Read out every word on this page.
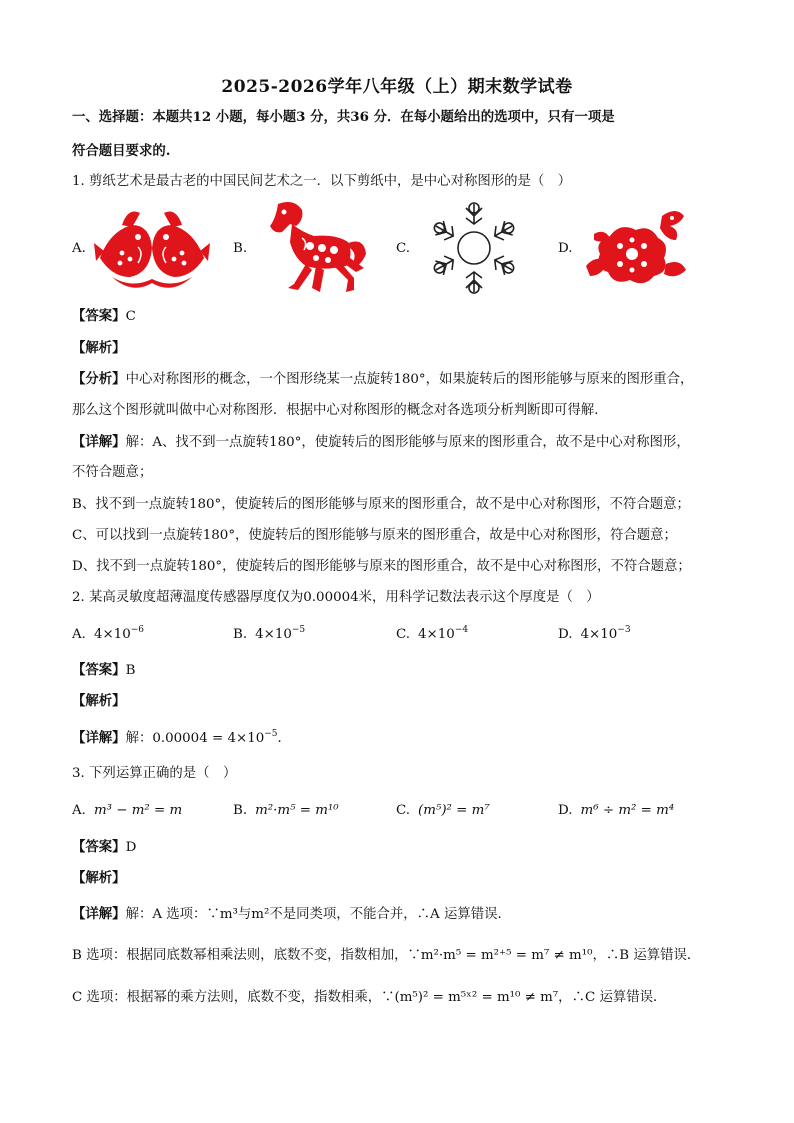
2025-2026学年八年级（上）期末数学试卷
一、选择题：本题共12 小题，每小题3 分，共36 分．在每小题给出的选项中，只有一项是
符合题目要求的.
1. 剪纸艺术是最古老的中国民间艺术之一．以下剪纸中，是中心对称图形的是（　）
A.	B.	C.	D.
【答案】C
【解析】
【分析】中心对称图形的概念，一个图形绕某一点旋转180°，如果旋转后的图形能够与原来的图形重合，
那么这个图形就叫做中心对称图形．根据中心对称图形的概念对各选项分析判断即可得解．
【详解】解：A、找不到一点旋转180°，使旋转后的图形能够与原来的图形重合，故不是中心对称图形，
不符合题意；
B、找不到一点旋转180°，使旋转后的图形能够与原来的图形重合，故不是中心对称图形，不符合题意；
C、可以找到一点旋转180°，使旋转后的图形能够与原来的图形重合，故是中心对称图形，符合题意；
D、找不到一点旋转180°，使旋转后的图形能够与原来的图形重合，故不是中心对称图形，不符合题意；
2. 某高灵敏度超薄温度传感器厚度仅为0.00004米，用科学记数法表示这个厚度是（　）
A. $4\times 10^{-6}$	B. $4\times 10^{-5}$	C. $4\times 10^{-4}$	D. $4\times 10^{-3}$
【答案】B
【解析】
【详解】解：$0.00004 = 4\times 10^{-5}$．
3. 下列运算正确的是（　）
A. m³ − m² = m	B. m²·m⁵ = m¹⁰	C. (m⁵)² = m⁷	D. m⁶ ÷ m² = m⁴
【答案】D
【解析】
【详解】解：A 选项：∵m³与m²不是同类项，不能合并，∴A 运算错误．
B 选项：根据同底数幂相乘法则，底数不变，指数相加，∵m²·m⁵ = m²⁺⁵ = m⁷ ≠ m¹⁰，∴B 运算错误．
C 选项：根据幂的乘方法则，底数不变，指数相乘，∵(m⁵)² = m⁵ˣ² = m¹⁰ ≠ m⁷，∴C 运算错误．
